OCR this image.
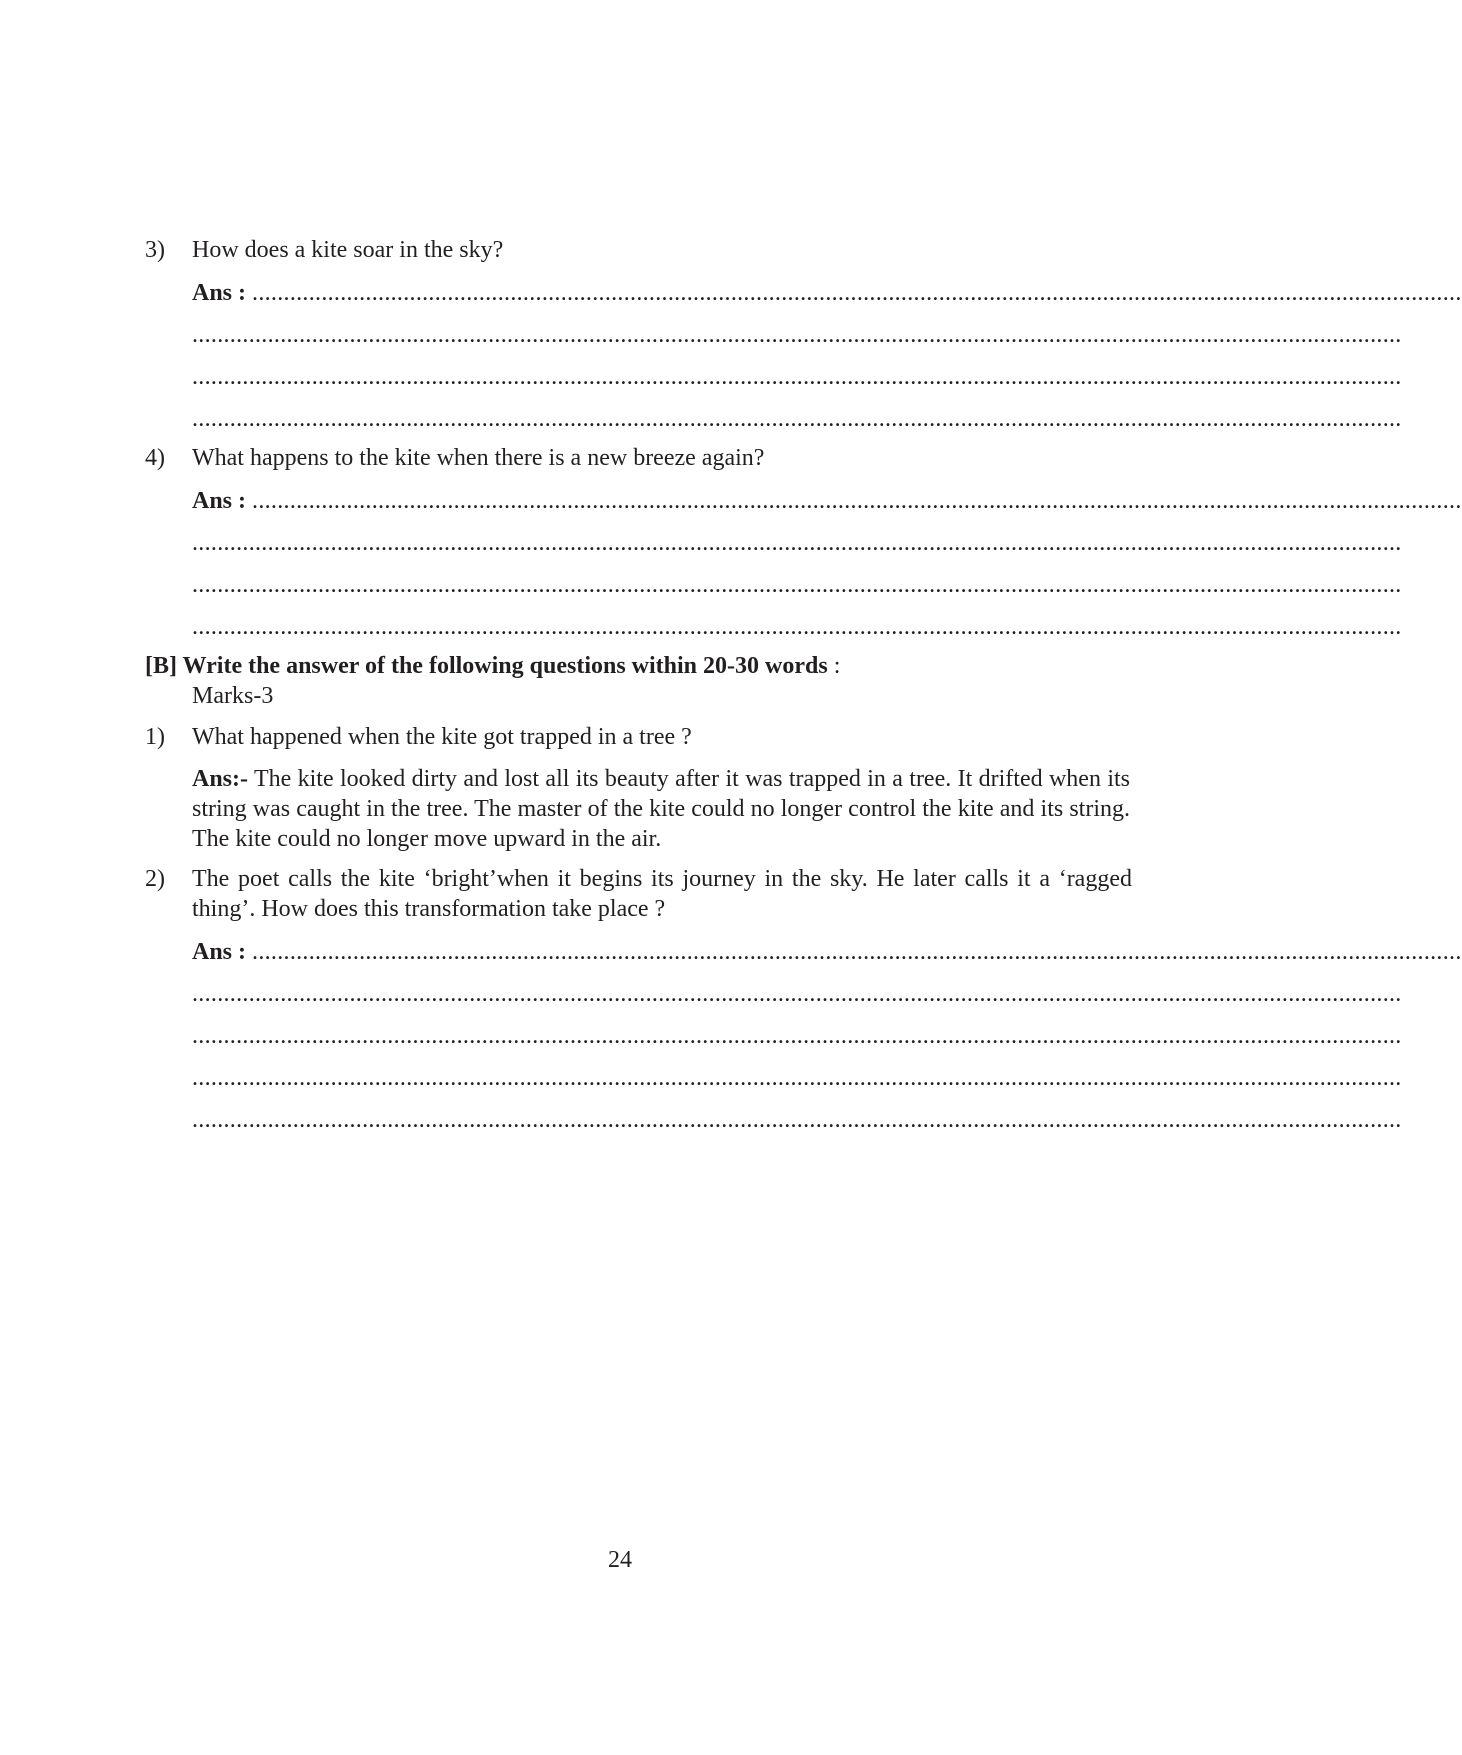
3)	How does a kite soar in the sky?
Ans : ................................................................................................................................................................................................
................................................................................................................................................................................................
................................................................................................................................................................................................
................................................................................................................................................................................................
4)	What happens to the kite when there is a new breeze again?
Ans : ................................................................................................................................................................................................
................................................................................................................................................................................................
................................................................................................................................................................................................
................................................................................................................................................................................................
[B] Write the answer of the following questions within 20-30 words :
Marks-3
1)	What happened when the kite got trapped in a tree ?
Ans:- The kite looked dirty and lost all its beauty after it was trapped in a tree. It drifted when its string was caught in the tree. The master of the kite could no longer control the kite and its string. The kite could no longer move upward in the air.
2)	The poet calls the kite ‘bright’when it begins its journey in the sky. He later calls it a ‘ragged thing’. How does this transformation take place ?
Ans : ................................................................................................................................................................................................
................................................................................................................................................................................................
................................................................................................................................................................................................
................................................................................................................................................................................................
................................................................................................................................................................................................
24
